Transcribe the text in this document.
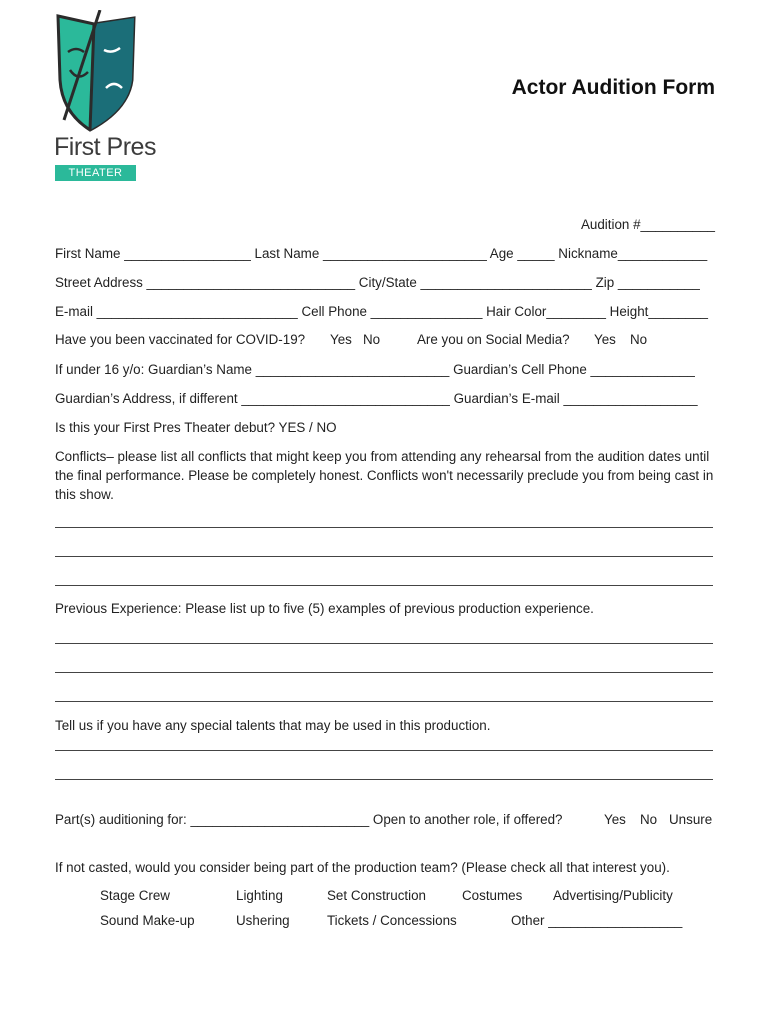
First Pres
THEATER
Actor Audition Form
Audition #__________
First Name _________________ Last Name ______________________ Age _____ Nickname____________
Street Address ____________________________ City/State _______________________ Zip ___________
E-mail ___________________________ Cell Phone _______________ Hair Color________ Height________
Have you been vaccinated for COVID-19? Yes No	Are you on Social Media? Yes No
If under 16 y/o: Guardian’s Name __________________________ Guardian’s Cell Phone ______________
Guardian’s Address, if different ____________________________ Guardian’s E-mail __________________
Is this your First Pres Theater debut? YES / NO
Conflicts– please list all conflicts that might keep you from attending any rehearsal from the audition dates until the final performance. Please be completely honest. Conflicts won't necessarily preclude you from being cast in this show.
Previous Experience: Please list up to five (5) examples of previous production experience.
Tell us if you have any special talents that may be used in this production.
Part(s) auditioning for: ________________________ Open to another role, if offered?	Yes No Unsure
If not casted, would you consider being part of the production team? (Please check all that interest you).
Stage Crew	Lighting	Set Construction	Costumes Advertising/Publicity
Sound Make-up	Ushering	Tickets / Concessions	Other __________________
